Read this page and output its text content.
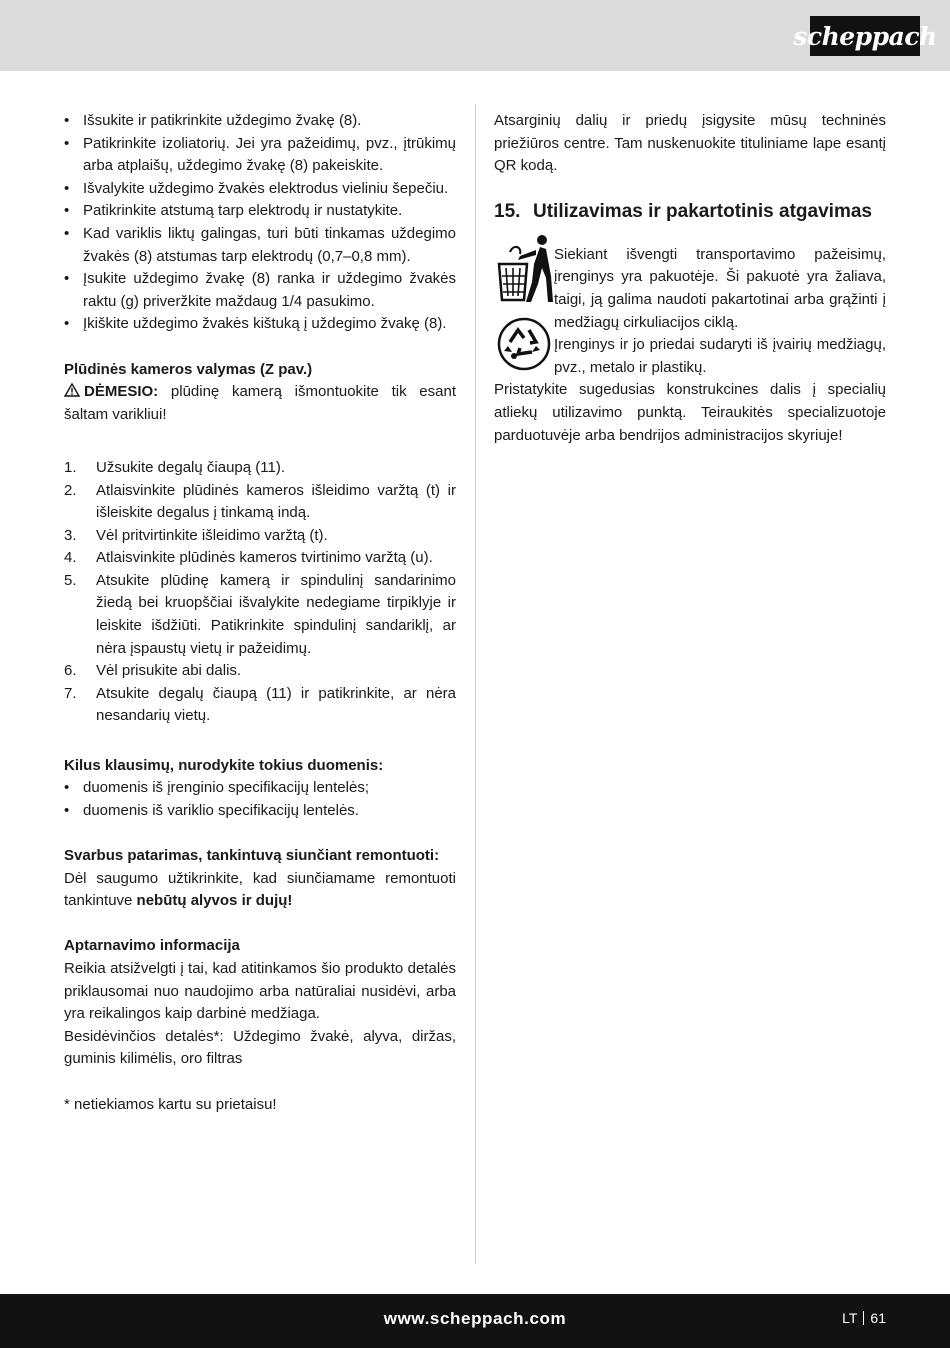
scheppach
• Išsukite ir patikrinkite uždegimo žvakę (8).
• Patikrinkite izoliatorių. Jei yra pažeidimų, pvz., įtrūkimų arba atplaišų, uždegimo žvakę (8) pakeiskite.
• Išvalykite uždegimo žvakės elektrodus vieliniu šepečiu.
• Patikrinkite atstumą tarp elektrodų ir nustatykite.
• Kad variklis liktų galingas, turi būti tinkamas uždegimo žvakės (8) atstumas tarp elektrodų (0,7–0,8 mm).
• Įsukite uždegimo žvakę (8) ranka ir uždegimo žvakės raktu (g) priveržkite maždaug 1/4 pasukimo.
• Įkiškite uždegimo žvakės kištuką į uždegimo žvakę (8).

Plūdinės kameros valymas (Z pav.)

DĖMESIO: plūdinę kamerą išmontuokite tik esant šaltam varikliui!

1. Užsukite degalų čiaupą (11).
2. Atlaisvinkite plūdinės kameros išleidimo varžtą (t) ir išleiskite degalus į tinkamą indą.
3. Vėl pritvirtinkite išleidimo varžtą (t).
4. Atlaisvinkite plūdinės kameros tvirtinimo varžtą (u).
5. Atsukite plūdinę kamerą ir spindulinį sandarinimo žiedą bei kruopščiai išvalykite nedegiame tirpiklyje ir leiskite išdžiūti. Patikrinkite spindulinį sandariklį, ar nėra įspaustų vietų ir pažeidimų.
6. Vėl prisukite abi dalis.
7. Atsukite degalų čiaupą (11) ir patikrinkite, ar nėra nesandarių vietų.

Kilus klausimų, nurodykite tokius duomenis:

• duomenis iš įrenginio specifikacijų lentelės;
• duomenis iš variklio specifikacijų lentelės.

Svarbus patarimas, tankintuvą siunčiant remontuoti:

Dėl saugumo užtikrinkite, kad siunčiamame remontuoti tankintuve nebūtų alyvos ir dujų!

Aptarnavimo informacija

Reikia atsižvelgti į tai, kad atitinkamos šio produkto detalės priklausomai nuo naudojimo arba natūraliai nusidėvi, arba yra reikalingos kaip darbinė medžiaga.

Besidėvinčios detalės*: Uždegimo žvakė, alyva, diržas, guminis kilimėlis, oro filtras

* netiekiamos kartu su prietaisu!

Atsarginių dalių ir priedų įsigysite mūsų techninės priežiūros centre. Tam nuskenuokite tituliniame lape esantį QR kodą.

15. Utilizavimas ir pakartotinis atgavimas

Siekiant išvengti transportavimo pažeisimų, įrenginys yra pakuotėje. Ši pakuotė yra žaliava, taigi, ją galima naudoti pakartotinai arba grąžinti į medžiagų cirkuliacijos ciklą.

Įrenginys ir jo priedai sudaryti iš įvairių medžiagų, pvz., metalo ir plastikų. Pristatykite sugedusias konstrukcines dalis į specialių atliekų utilizavimo punktą. Teiraukitės specializuotoje parduotuvėje arba bendrijos administracijos skyriuje!

www.scheppach.com	LT 61
